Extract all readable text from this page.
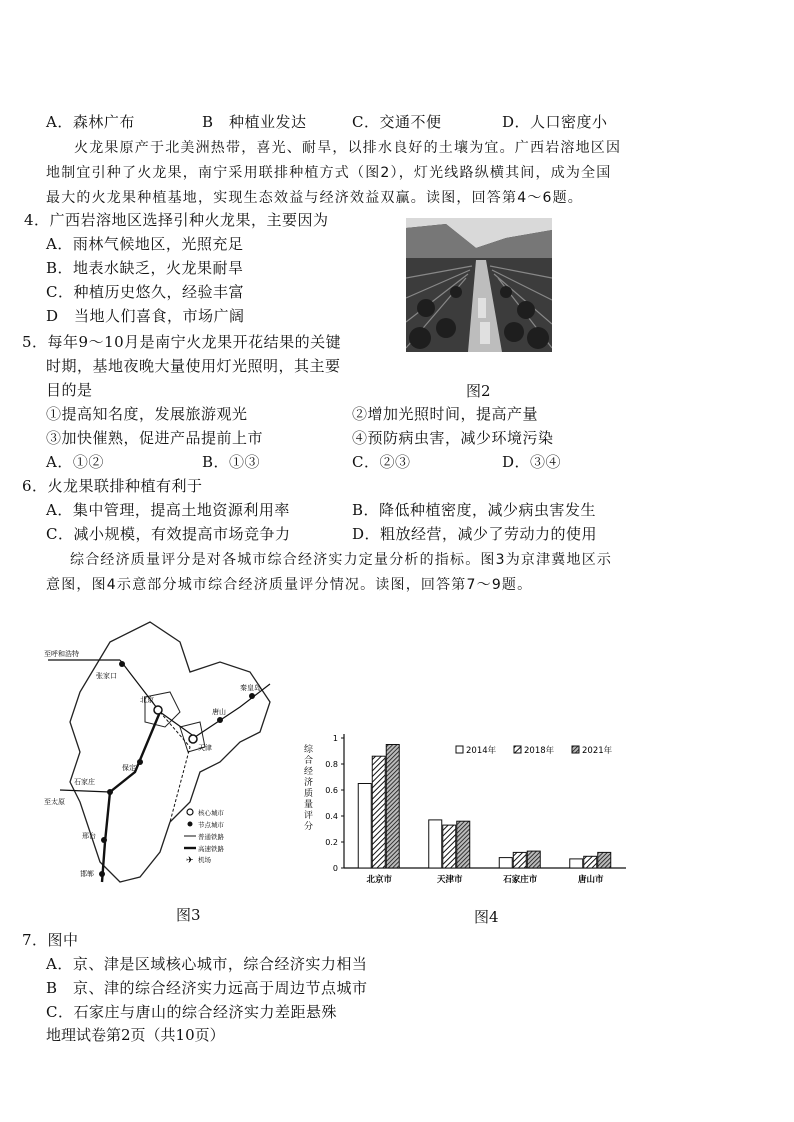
A．森林广布	B　种植业发达	C．交通不便	D．人口密度小
火龙果原产于北美洲热带，喜光、耐旱，以排水良好的土壤为宜。广西岩溶地区因
地制宜引种了火龙果，南宁采用联排种植方式（图2），灯光线路纵横其间，成为全国
最大的火龙果种植基地，实现生态效益与经济效益双赢。读图，回答第4～6题。
4．广西岩溶地区选择引种火龙果，主要因为
A．雨林气候地区，光照充足
B．地表水缺乏，火龙果耐旱
C．种植历史悠久，经验丰富
D　当地人们喜食，市场广阔
图2
5．每年9～10月是南宁火龙果开花结果的关键
时期，基地夜晚大量使用灯光照明，其主要
目的是
①提高知名度，发展旅游观光	②增加光照时间，提高产量
③加快催熟，促进产品提前上市	④预防病虫害，减少环境污染
A．①②	B．①③	C．②③	D．③④
6．火龙果联排种植有利于
A．集中管理，提高土地资源利用率	B．降低种植密度，减少病虫害发生
C．减小规模，有效提高市场竞争力	D．粗放经营，减少了劳动力的使用
综合经济质量评分是对各城市综合经济实力定量分析的指标。图3为京津冀地区示
意图，图4示意部分城市综合经济质量评分情况。读图，回答第7～9题。
至呼和浩特
张家口
北京
天津
唐山
秦皇岛
保定
石家庄
至太原
邢台
邯郸
核心城市
节点城市
普通铁路
高速铁路
✈ 机场
图3
综
合
经
济
质
量
评
分
0
0.2
0.4
0.6
0.8
1
北京市	天津市	石家庄市	唐山市
2014年	2018年	2021年
图4
7．图中
A．京、津是区域核心城市，综合经济实力相当
B　京、津的综合经济实力远高于周边节点城市
C．石家庄与唐山的综合经济实力差距悬殊
地理试卷第2页（共10页）
